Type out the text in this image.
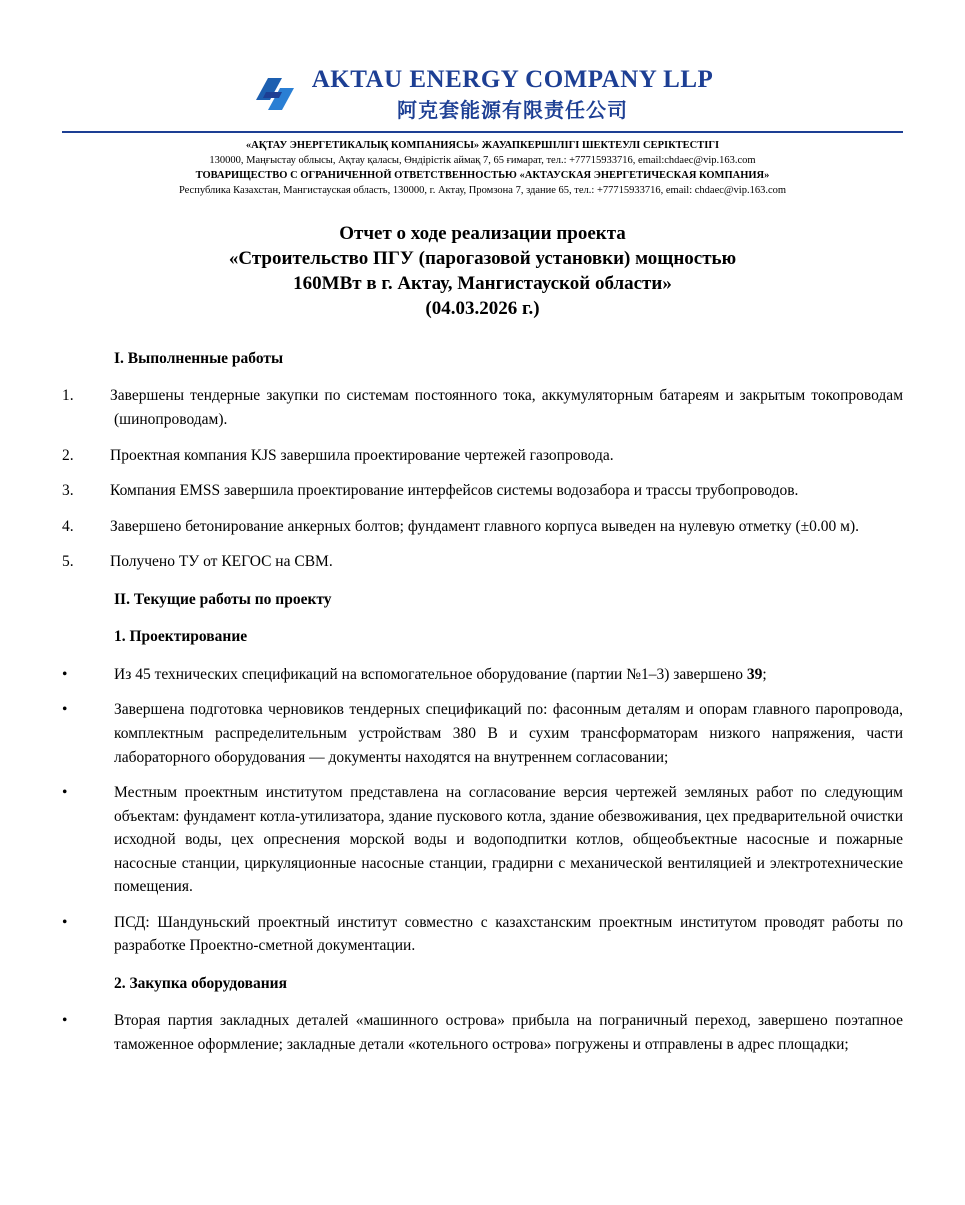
AKTAU ENERGY COMPANY LLP
阿克套能源有限责任公司

«АҚТАУ ЭНЕРГЕТИКАЛЫҚ КОМПАНИЯСЫ» ЖАУАПКЕРШІЛІГІ ШЕКТЕУЛІ СЕРІКТЕСТІГІ

130000, Маңғыстау облысы, Ақтау қаласы, Өндірістік аймақ 7, 65 ғимарат, тел.: +77715933716, email:chdaec@vip.163.com

ТОВАРИЩЕСТВО С ОГРАНИЧЕННОЙ ОТВЕТСТВЕННОСТЬЮ «АКТАУСКАЯ ЭНЕРГЕТИЧЕСКАЯ КОМПАНИЯ»

Республика Казахстан, Мангистауская область, 130000, г. Актау, Промзона 7, здание 65, тел.: +77715933716, email: chdaec@vip.163.com

Отчет о ходе реализации проекта
«Строительство ПГУ (парогазовой установки) мощностью
160МВт в г. Актау, Мангистауской области»
(04.03.2026 г.)

I. Выполненные работы

1. Завершены тендерные закупки по системам постоянного тока, аккумуляторным батареям и закрытым токопроводам (шинопроводам).
2. Проектная компания KJS завершила проектирование чертежей газопровода.
3. Компания EMSS завершила проектирование интерфейсов системы водозабора и трассы трубопроводов.
4. Завершено бетонирование анкерных болтов; фундамент главного корпуса выведен на нулевую отметку (±0.00 м).
5. Получено ТУ от КЕГОС на СВМ.

II. Текущие работы по проекту

1. Проектирование

•	Из 45 технических спецификаций на вспомогательное оборудование (партии №1–3) завершено 39;
•	Завершена подготовка черновиков тендерных спецификаций по: фасонным деталям и опорам главного паропровода, комплектным распределительным устройствам 380 В и сухим трансформаторам низкого напряжения, части лабораторного оборудования — документы находятся на внутреннем согласовании;
•	Местным проектным институтом представлена на согласование версия чертежей земляных работ по следующим объектам: фундамент котла-утилизатора, здание пускового котла, здание обезвоживания, цех предварительной очистки исходной воды, цех опреснения морской воды и водоподпитки котлов, общеобъектные насосные и пожарные насосные станции, циркуляционные насосные станции, градирни с механической вентиляцией и электротехнические помещения.
•	ПСД: Шандуньский проектный институт совместно с казахстанским проектным институтом проводят работы по разработке Проектно-сметной документации.

2. Закупка оборудования

•	Вторая партия закладных деталей «машинного острова» прибыла на пограничный переход, завершено поэтапное таможенное оформление; закладные детали «котельного острова» погружены и отправлены в адрес площадки;
